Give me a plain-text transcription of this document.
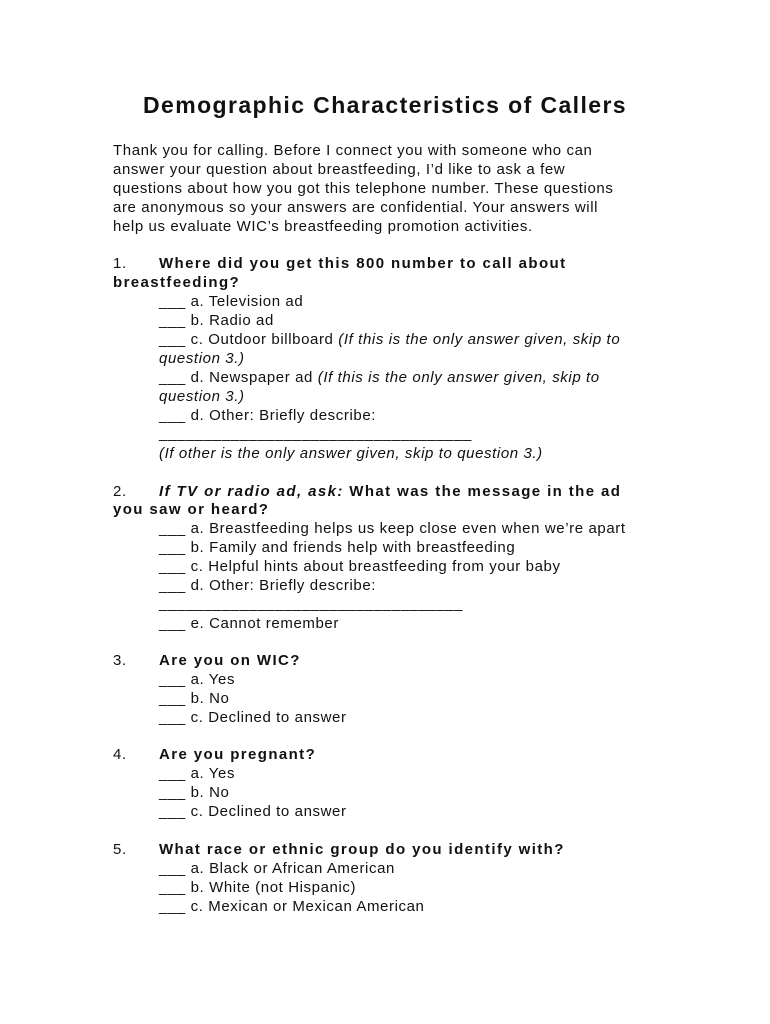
Demographic Characteristics of Callers
Thank you for calling. Before I connect you with someone who can
answer your question about breastfeeding, I’d like to ask a few
questions about how you got this telephone number. These questions
are anonymous so your answers are confidential. Your answers will
help us evaluate WIC’s breastfeeding promotion activities.
1. Where did you get this 800 number to call about
breastfeeding?
___ a. Television ad
___ b. Radio ad
___ c. Outdoor billboard (If this is the only answer given, skip to
question 3.)
___ d. Newspaper ad (If this is the only answer given, skip to
question 3.)
___ d. Other: Briefly describe:
___________________________________
(If other is the only answer given, skip to question 3.)
2. If TV or radio ad, ask: What was the message in the ad
you saw or heard?
___ a. Breastfeeding helps us keep close even when we’re apart
___ b. Family and friends help with breastfeeding
___ c. Helpful hints about breastfeeding from your baby
___ d. Other: Briefly describe:
__________________________________
___ e. Cannot remember
3. Are you on WIC?
___ a. Yes
___ b. No
___ c. Declined to answer
4. Are you pregnant?
___ a. Yes
___ b. No
___ c. Declined to answer
5. What race or ethnic group do you identify with?
___ a. Black or African American
___ b. White (not Hispanic)
___ c. Mexican or Mexican American
